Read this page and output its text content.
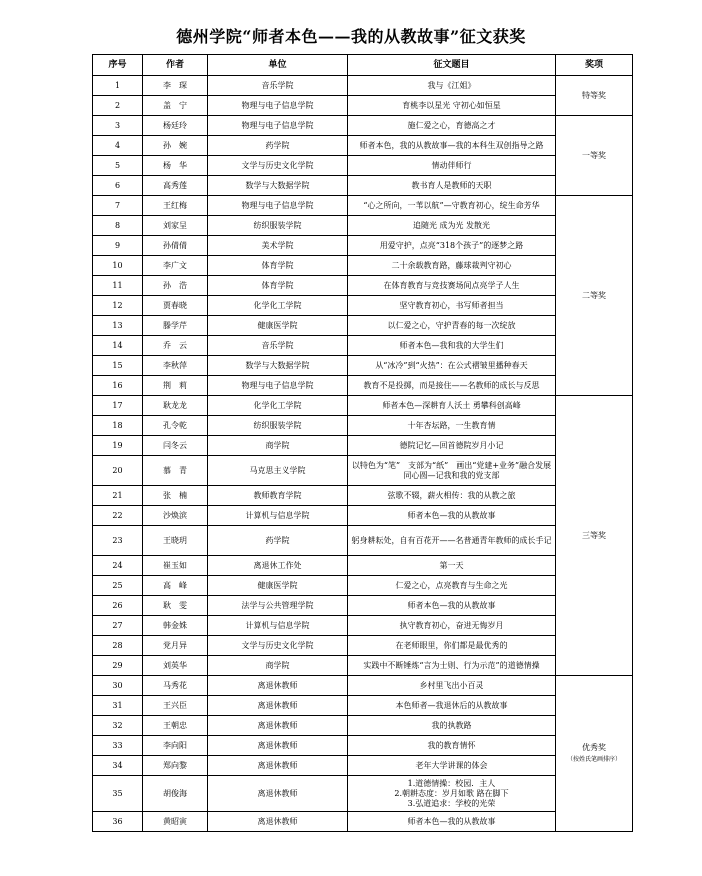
德州学院“师者本色——我的从教故事”征文获奖
序号	作者	单位	征文题目	奖项
1	李　琛	音乐学院	我与《江姐》	特等奖
2	盖　宁	物理与电子信息学院	育桃李以星光 守初心如恒星	
3	杨廷玲	物理与电子信息学院	施仁爱之心，育德高之才	一等奖
4	孙　婉	药学院	师者本色，我的从教故事—我的本科生双创指导之路	
5	杨　华	文学与历史文化学院	情动伴师行	
6	高秀莲	数学与大数据学院	教书育人是教师的天职	
7	王红梅	物理与电子信息学院	“心之所向，一苇以航”—守教育初心，绽生命芳华	二等奖
8	刘家呈	纺织服装学院	追随光 成为光 发散光	
9	孙倩倩	美术学院	用爱守护，点亮“318个孩子”的逐梦之路	
10	李广文	体育学院	二十余载教育路，藤球裁判守初心	
11	孙　浩	体育学院	在体育教育与竞技赛场间点亮学子人生	
12	贾春晓	化学化工学院	坚守教育初心，书写师者担当	
13	滕学芹	健康医学院	以仁爱之心，守护青春的每一次绽放	
14	乔　云	音乐学院	师者本色—我和我的大学生们	
15	李秋萍	数学与大数据学院	从“冰冷”到“火热”：在公式褶皱里播种春天	
16	荆　莉	物理与电子信息学院	教育不是投掷，而是接住——名教师的成长与反思	
17	耿龙龙	化学化工学院	师者本色—深耕育人沃土 勇攀科创高峰	三等奖
18	孔令乾	纺织服装学院	十年杏坛路，一生教育情	
19	闫冬云	商学院	德院记忆—回首德院岁月小记	
20	慕　青	马克思主义学院	以特色为“笔”　支部为“纸”　画出“党建+业务”融合发展同心圆—记我和我的党支部	
21	张　楠	教师教育学院	弦歌不辍，薪火相传：我的从教之旅	
22	沙焕滨	计算机与信息学院	师者本色—我的从教故事	
23	王晓玥	药学院	躬身耕耘处，自有百花开——名普通青年教师的成长手记	
24	崔玉如	离退休工作处	第一天	
25	高　峰	健康医学院	仁爱之心，点亮教育与生命之光	
26	耿　雯	法学与公共管理学院	师者本色—我的从教故事	
27	韩金姝	计算机与信息学院	执守教育初心，奋进无悔岁月	
28	党月异	文学与历史文化学院	在老师眼里，你们都是最优秀的	
29	刘英华	商学院	实践中不断锤炼“言为士则、行为示范”的道德情操	
30	马秀花	离退休教师	乡村里飞出小百灵	优秀奖
（按姓氏笔画排序）

31	王兴臣	离退休教师	本色师者—我退休后的从教故事	
32	王朝忠	离退休教师	我的执教路	
33	李向阳	离退休教师	我的教育情怀	
34	郑向黎	离退休教师	老年大学讲课的体会	
35	胡俊海	离退休教师	1.道德情操：校园．主人
2.朝耕态度：岁月如歌 路在脚下
3.弘道追求：学校的光荣	
36	黄昭寅	离退休教师	师者本色—我的从教故事	
